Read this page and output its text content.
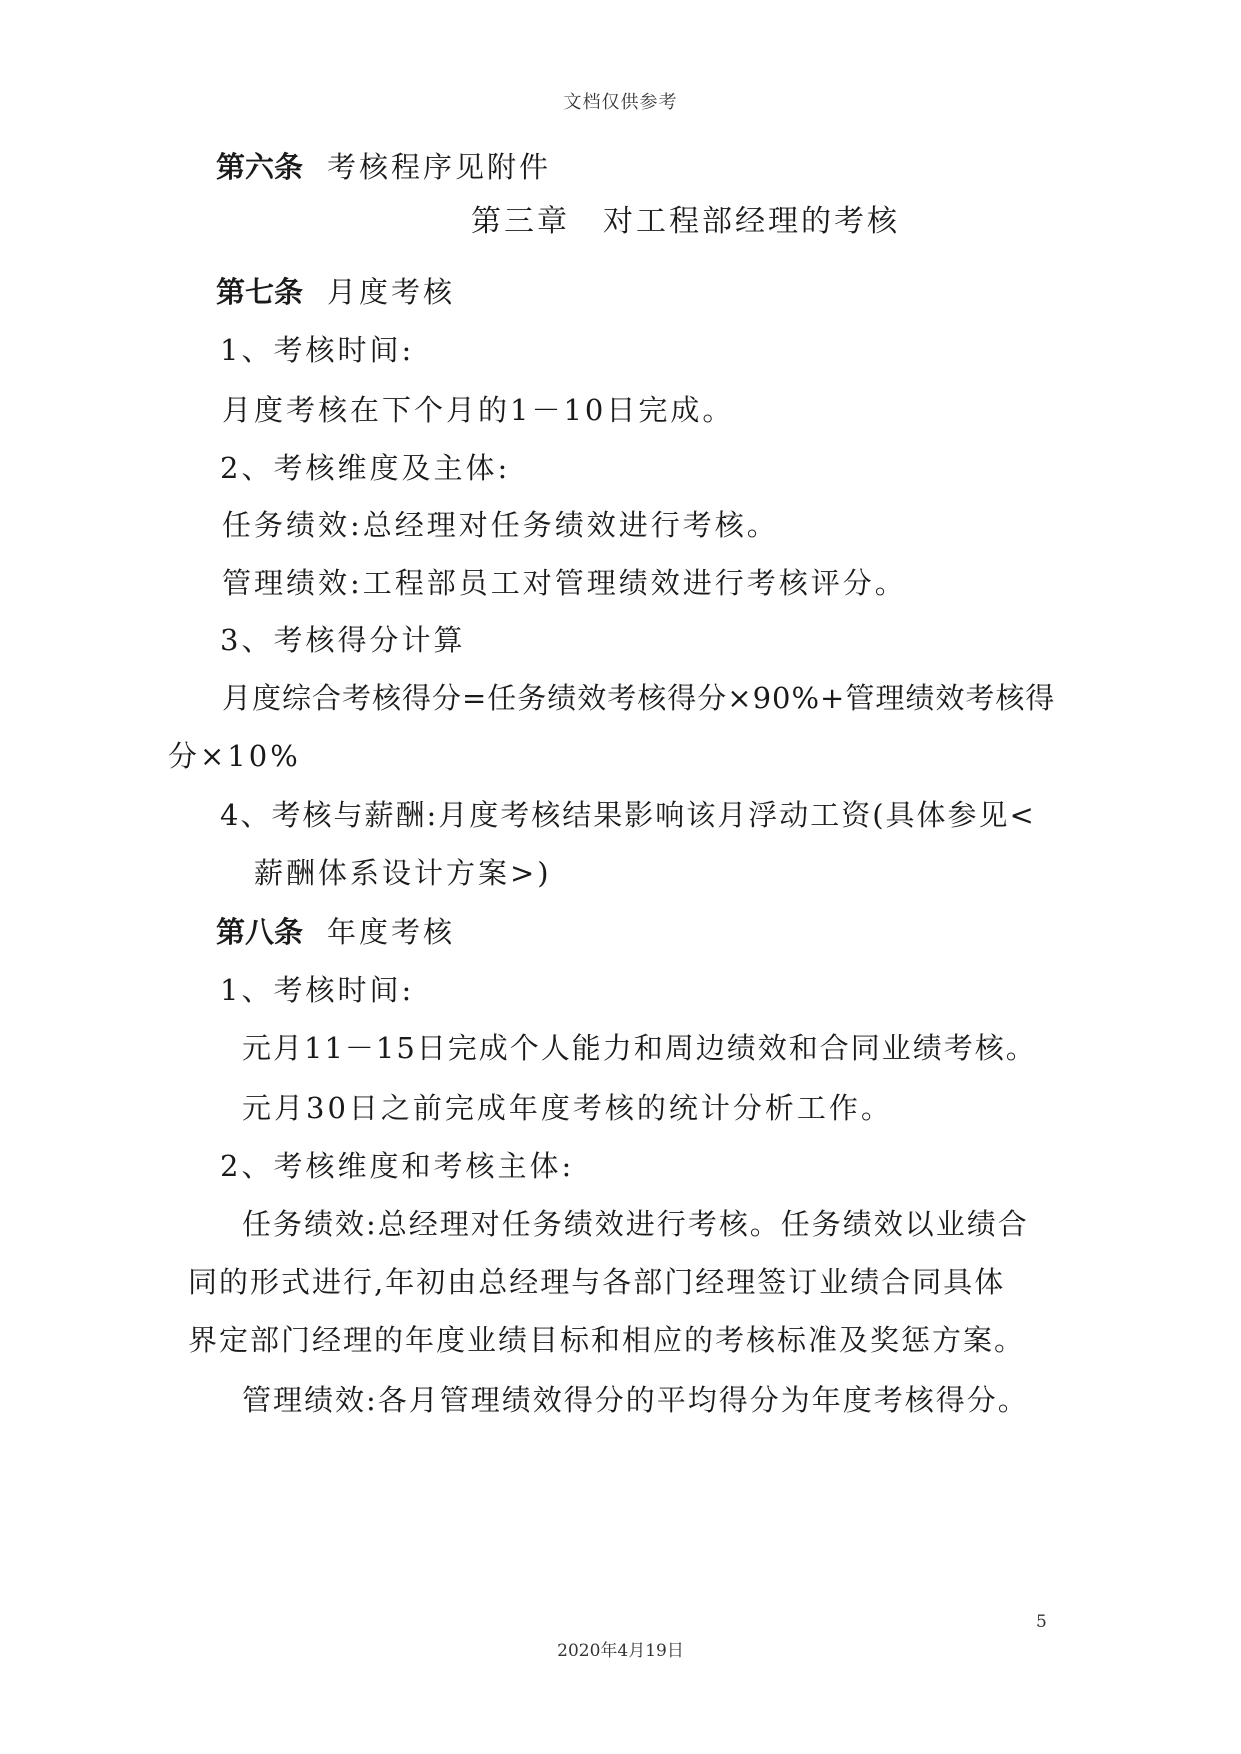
文档仅供参考
第六条 考核程序见附件
第三章　对工程部经理的考核
第七条 月度考核
1、考核时间:
月度考核在下个月的1－10日完成。
2、考核维度及主体:
任务绩效:总经理对任务绩效进行考核。
管理绩效:工程部员工对管理绩效进行考核评分。
3、考核得分计算
月度综合考核得分=任务绩效考核得分×90%+管理绩效考核得
分×10%
4、考核与薪酬:月度考核结果影响该月浮动工资(具体参见<
薪酬体系设计方案>)
第八条 年度考核
1、考核时间:
元月11－15日完成个人能力和周边绩效和合同业绩考核。
元月30日之前完成年度考核的统计分析工作。
2、考核维度和考核主体:
任务绩效:总经理对任务绩效进行考核。任务绩效以业绩合
同的形式进行,年初由总经理与各部门经理签订业绩合同具体
界定部门经理的年度业绩目标和相应的考核标准及奖惩方案。
管理绩效:各月管理绩效得分的平均得分为年度考核得分。
5
2020年4月19日
